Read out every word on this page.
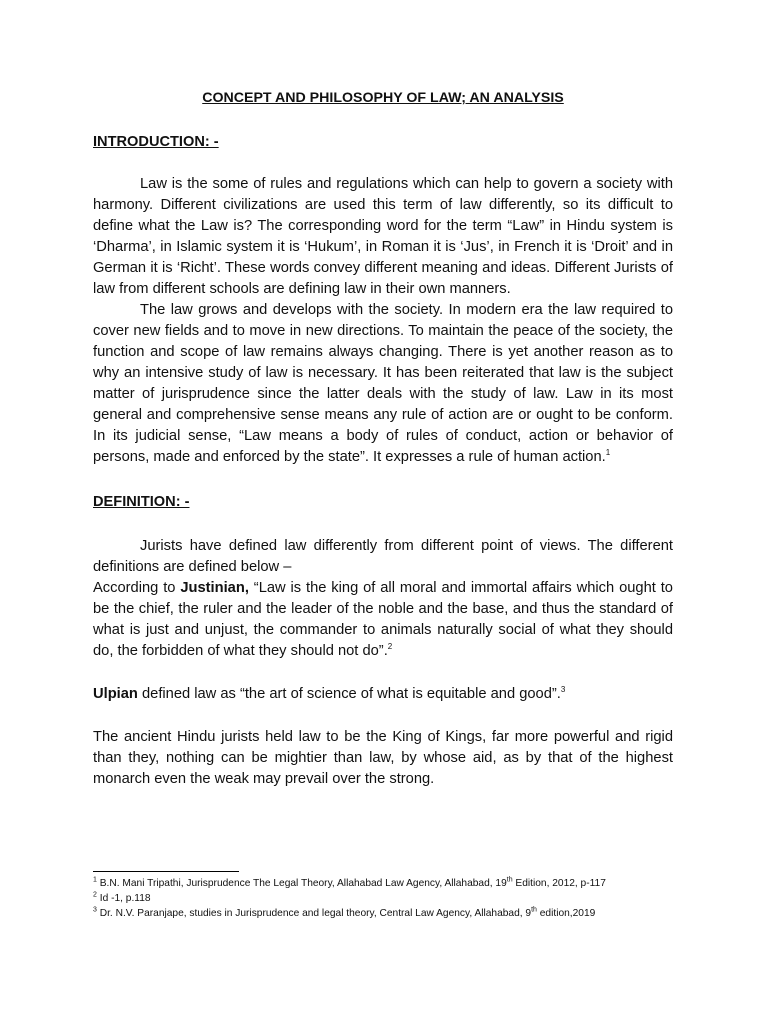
CONCEPT AND PHILOSOPHY OF LAW; AN ANALYSIS

INTRODUCTION: -

Law is the some of rules and regulations which can help to govern a society with harmony. Different civilizations are used this term of law differently, so its difficult to define what the Law is? The corresponding word for the term “Law” in Hindu system is ‘Dharma’, in Islamic system it is ‘Hukum’, in Roman it is ‘Jus’, in French it is ‘Droit’ and in German it is ‘Richt’. These words convey different meaning and ideas. Different Jurists of law from different schools are defining law in their own manners.

The law grows and develops with the society. In modern era the law required to cover new fields and to move in new directions. To maintain the peace of the society, the function and scope of law remains always changing. There is yet another reason as to why an intensive study of law is necessary. It has been reiterated that law is the subject matter of jurisprudence since the latter deals with the study of law. Law in its most general and comprehensive sense means any rule of action are or ought to be conform. In its judicial sense, “Law means a body of rules of conduct, action or behavior of persons, made and enforced by the state”. It expresses a rule of human action.$^1$

DEFINITION: -

Jurists have defined law differently from different point of views. The different definitions are defined below –

According to Justinian, “Law is the king of all moral and immortal affairs which ought to be the chief, the ruler and the leader of the noble and the base, and thus the standard of what is just and unjust, the commander to animals naturally social of what they should do, the forbidden of what they should not do”.$^2$

Ulpian defined law as “the art of science of what is equitable and good”.$^3$

The ancient Hindu jurists held law to be the King of Kings, far more powerful and rigid than they, nothing can be mightier than law, by whose aid, as by that of the highest monarch even the weak may prevail over the strong.

$^1$ B.N. Mani Tripathi, Jurisprudence The Legal Theory, Allahabad Law Agency, Allahabad, 19th Edition, 2012, p-117

$^2$ Id -1, p.118

$^3$ Dr. N.V. Paranjape, studies in Jurisprudence and legal theory, Central Law Agency, Allahabad, 9th edition,2019
